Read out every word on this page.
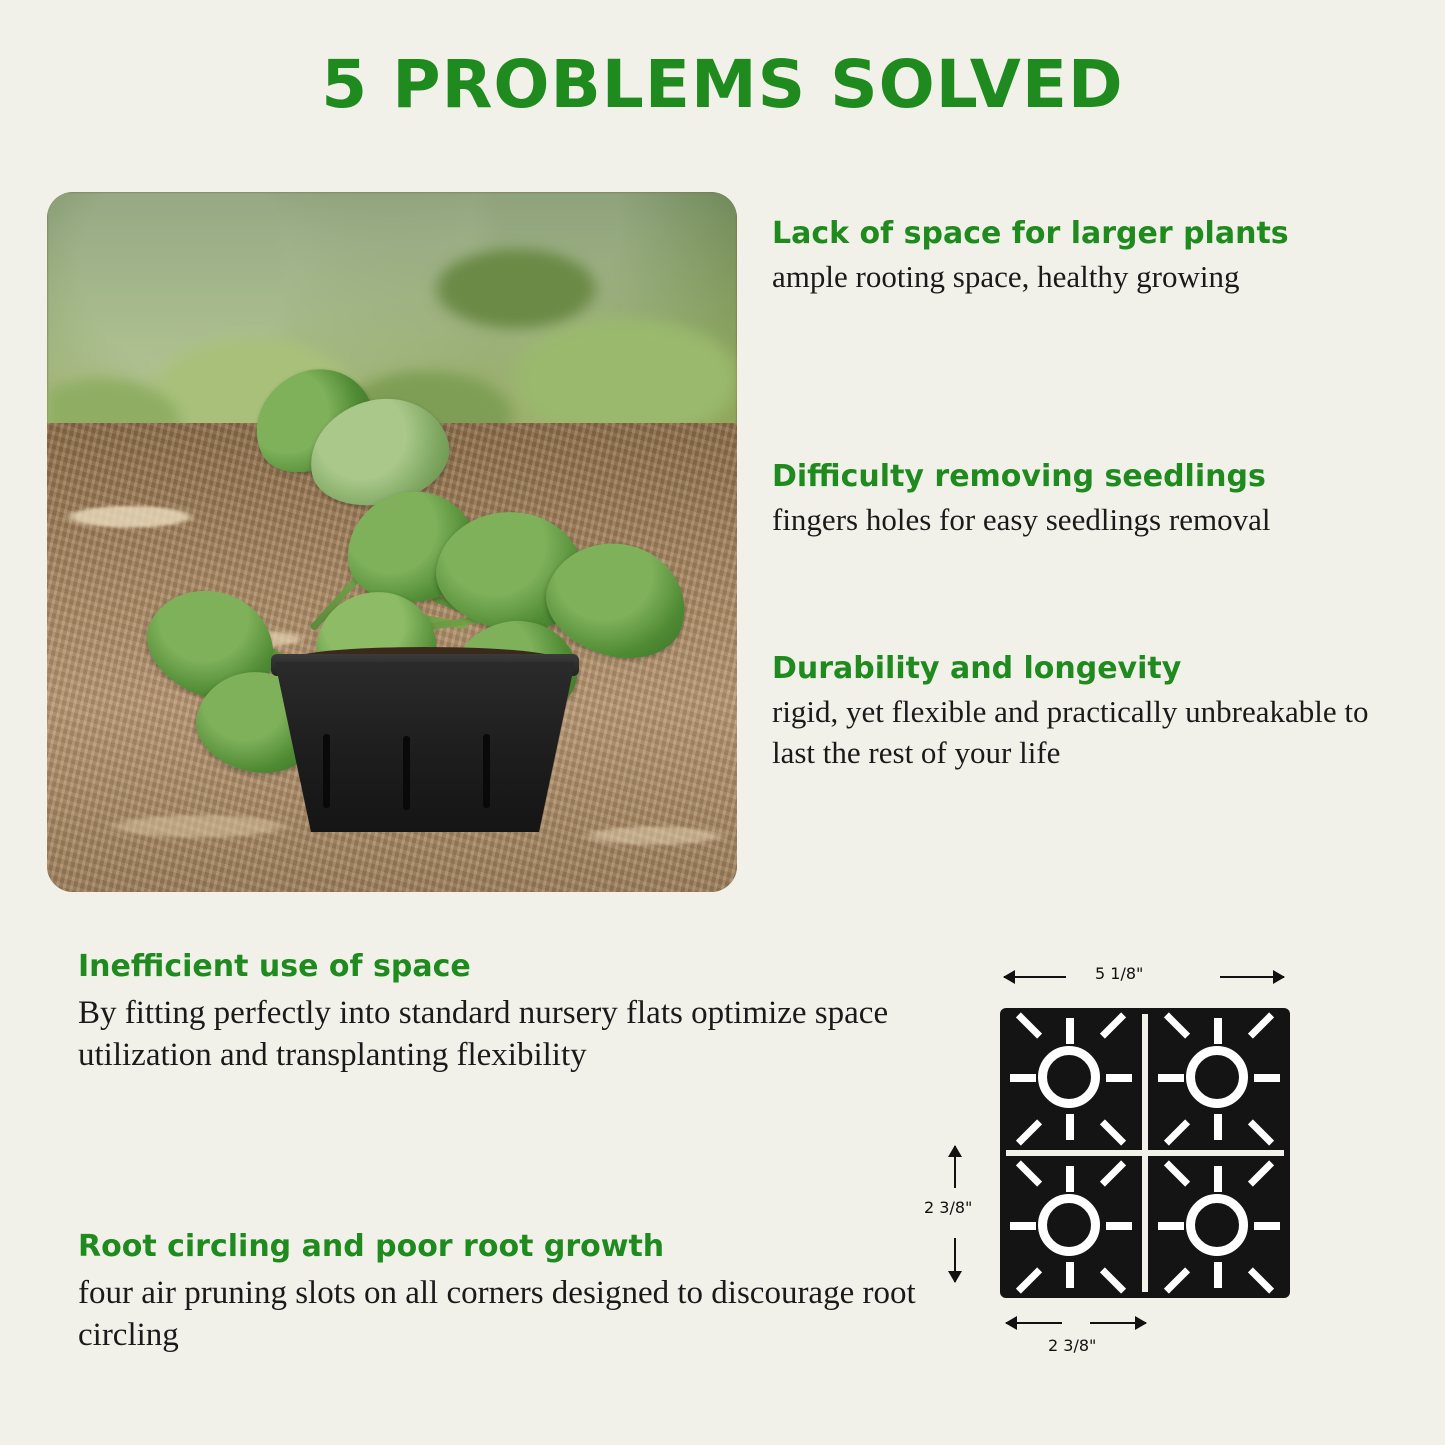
5 PROBLEMS SOLVED

Lack of space for larger plants

ample rooting space, healthy growing

Difficulty removing seedlings

fingers holes for easy seedlings removal

Durability and longevity

rigid, yet flexible and practically unbreakable to last the rest of your life

Inefficient use of space

By fitting perfectly into standard nursery flats optimize space utilization and transplanting flexibility

Root circling and poor root growth

four air pruning slots on all corners designed to discourage root circling

5 1/8"
2 3/8"
2 3/8"
